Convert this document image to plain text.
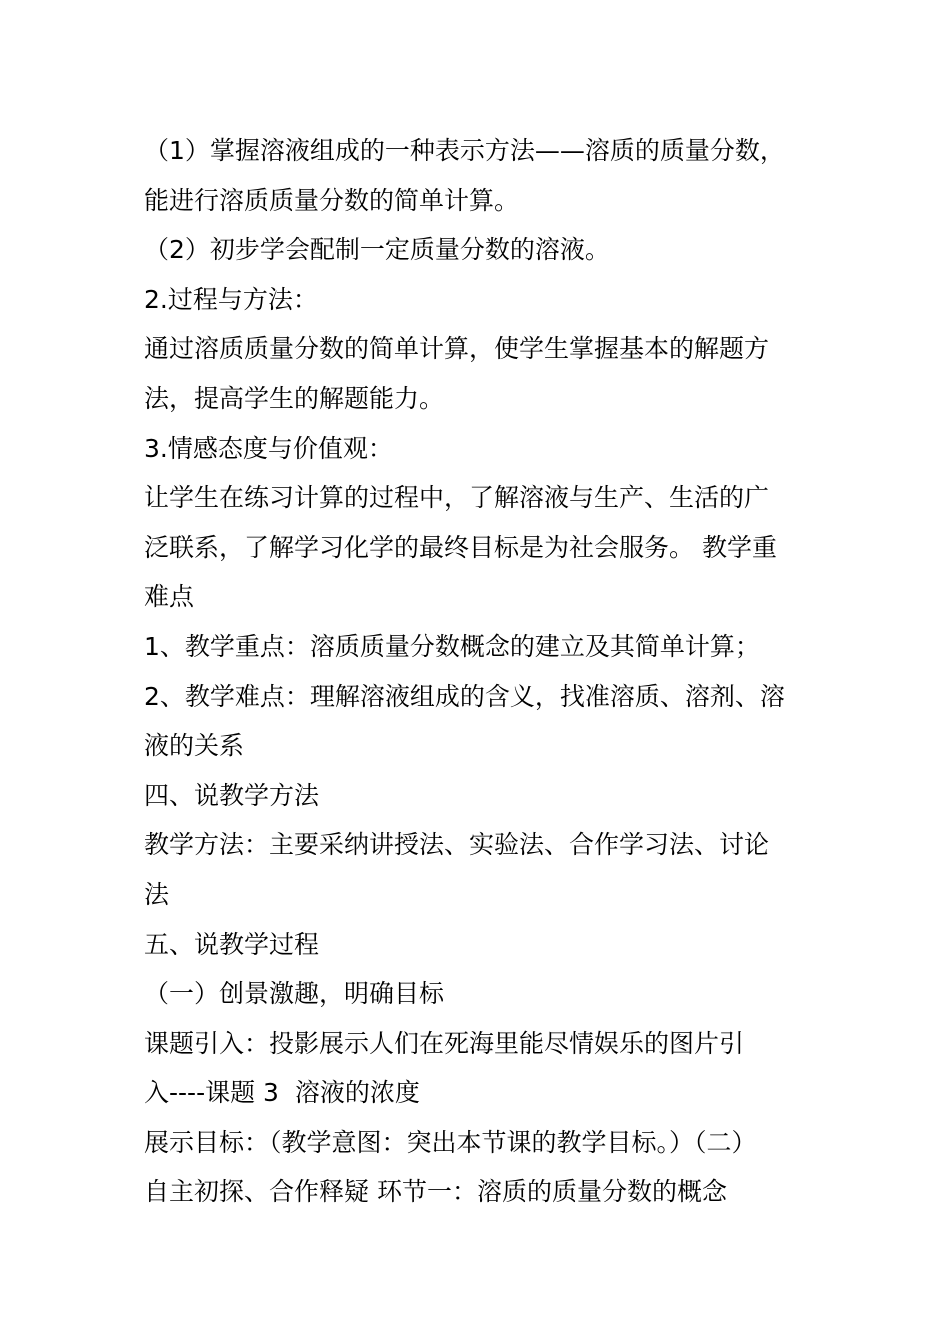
（1）掌握溶液组成的一种表示方法——溶质的质量分数，
能进行溶质质量分数的简单计算。
（2）初步学会配制一定质量分数的溶液。
2.过程与方法：
通过溶质质量分数的简单计算，使学生掌握基本的解题方
法，提高学生的解题能力。
3.情感态度与价值观：
让学生在练习计算的过程中，了解溶液与生产、生活的广
泛联系，了解学习化学的最终目标是为社会服务。 教学重
难点
1、教学重点：溶质质量分数概念的建立及其简单计算；
2、教学难点：理解溶液组成的含义，找准溶质、溶剂、溶
液的关系
四、说教学方法
教学方法：主要采纳讲授法、实验法、合作学习法、讨论
法
五、说教学过程
（一）创景激趣，明确目标
课题引入：投影展示人们在死海里能尽情娱乐的图片引
入----课题 3  溶液的浓度
展示目标：（教学意图：突出本节课的教学目标。）（二）
自主初探、合作释疑 环节一：溶质的质量分数的概念
